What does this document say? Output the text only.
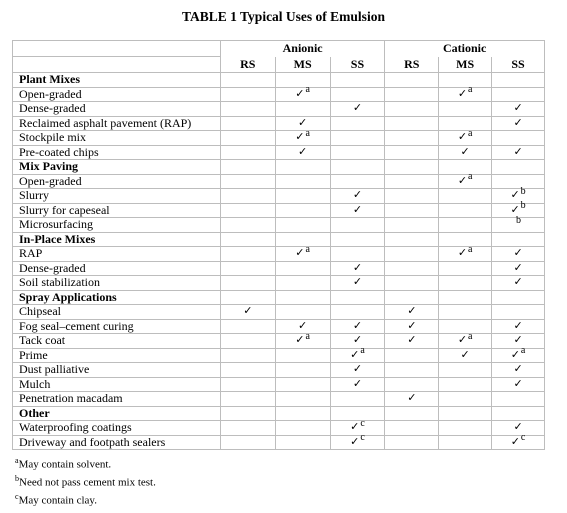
TABLE 1 Typical Uses of Emulsion
	Anionic			Cationic		
	RS	MS	SS	RS	MS	SS
Plant Mixes						
Open-graded		✓a			✓a	
Dense-graded			✓			✓
Reclaimed asphalt pavement (RAP)		✓				✓
Stockpile mix		✓a			✓a	
Pre-coated chips		✓			✓	✓
Mix Paving						
Open-graded					✓a	
Slurry			✓			✓b
Slurry for capeseal			✓			✓b
Microsurfacing						b
In-Place Mixes						
RAP		✓a			✓a	✓
Dense-graded			✓			✓
Soil stabilization			✓			✓
Spray Applications						
Chipseal	✓			✓		
Fog seal–cement curing		✓	✓	✓		✓
Tack coat		✓a	✓	✓	✓a	✓
Prime			✓a		✓	✓a
Dust palliative			✓			✓
Mulch			✓			✓
Penetration macadam				✓		
Other						
Waterproofing coatings			✓c			✓
Driveway and footpath sealers			✓c			✓c
$^a$May contain solvent.
$^b$Need not pass cement mix test.
$^c$May contain clay.
